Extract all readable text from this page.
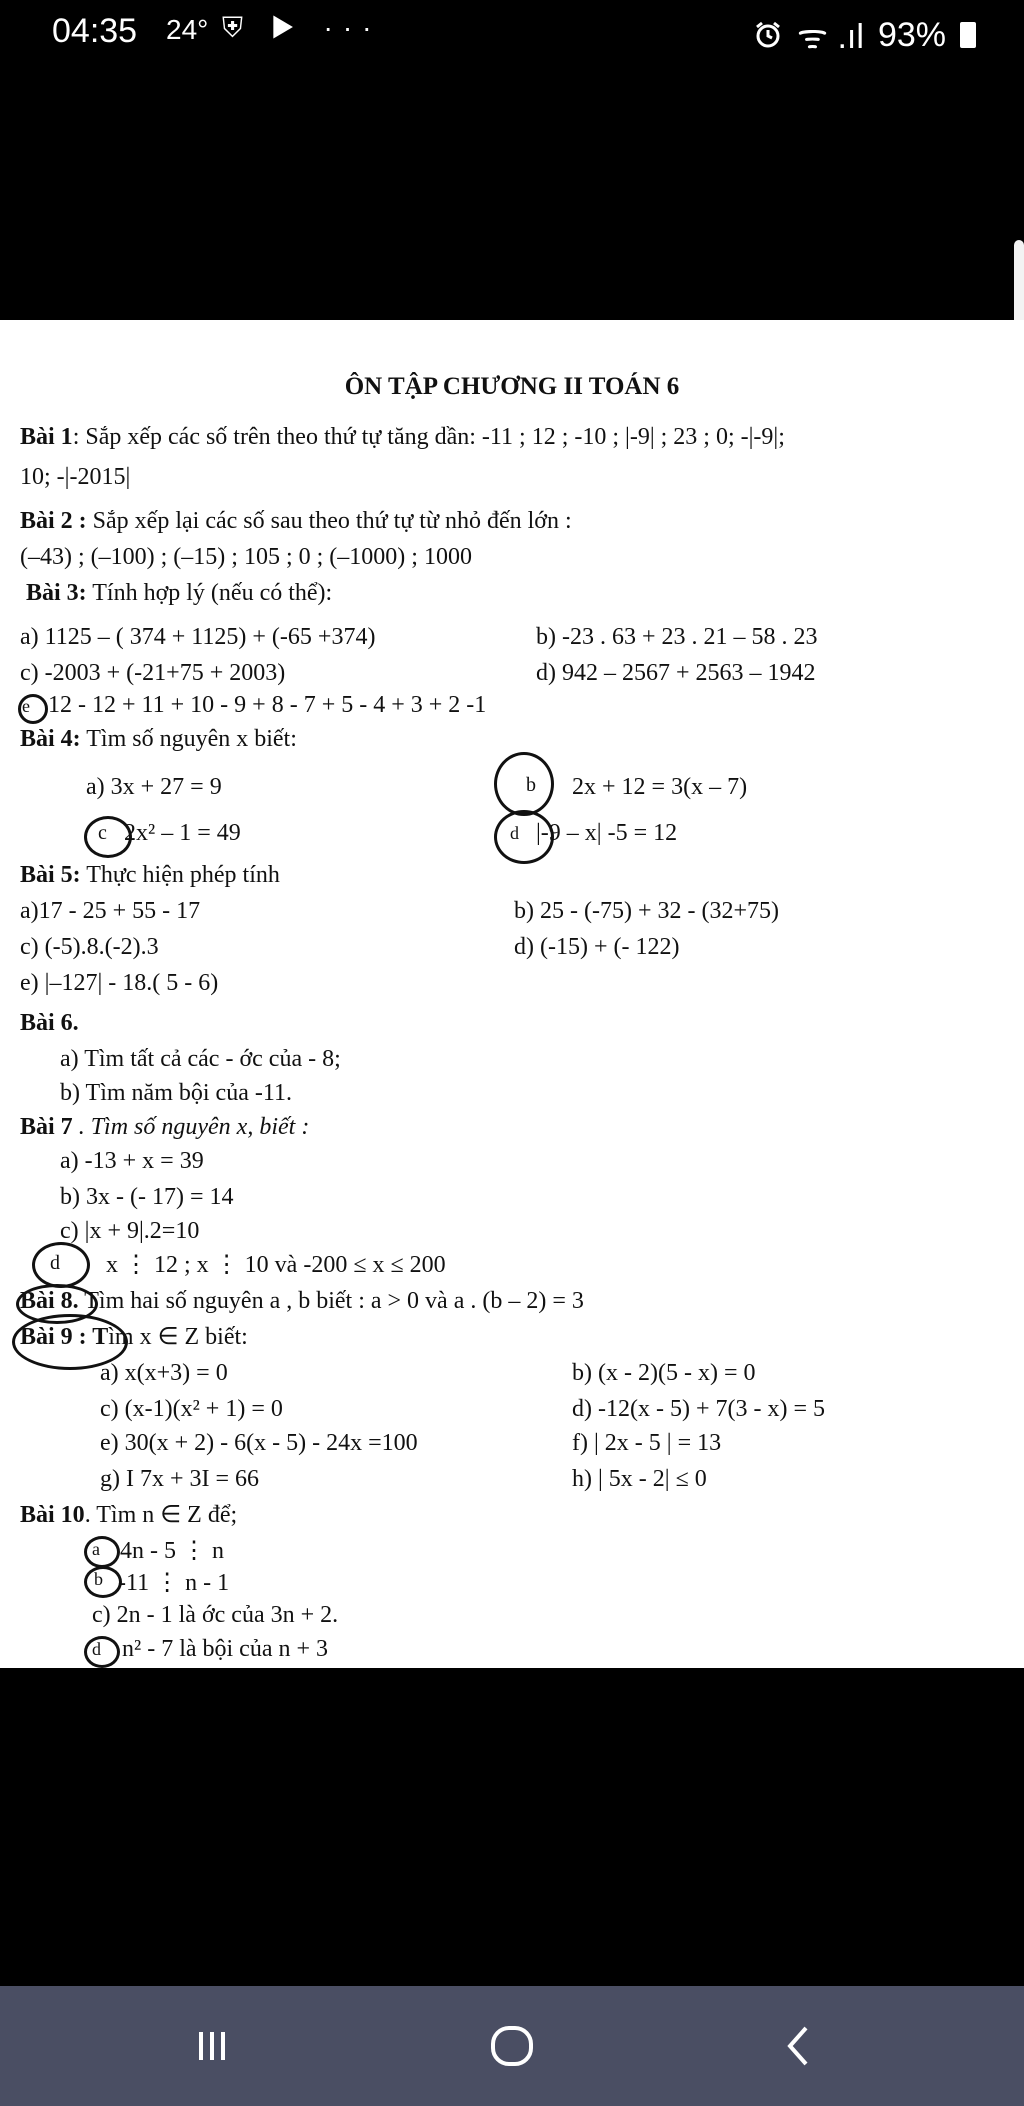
04:35 24° ⛨ ▶ ···	ᯤ .ıl 93%
ÔN TẬP CHƯƠNG II TOÁN 6
Bài 1: Sắp xếp các số trên theo thứ tự tăng dần: -11 ; 12 ; -10 ; |-9| ; 23 ; 0; -|-9|;
10; -|-2015|
Bài 2 : Sắp xếp lại các số sau theo thứ tự từ nhỏ đến lớn :
(–43) ; (–100) ; (–15) ; 105 ; 0 ; (–1000) ; 1000
Bài 3: Tính hợp lý (nếu có thể):
a) 1125 – ( 374 + 1125) + (-65 +374)	b) -23 . 63 + 23 . 21 – 58 . 23
c) -2003 + (-21+75 + 2003)	d) 942 – 2567 + 2563 – 1942
e 12 - 12 + 11 + 10 - 9 + 8 - 7 + 5 - 4 + 3 + 2 -1
Bài 4: Tìm số nguyên x biết:
a) 3x + 27 = 9	b 2x + 12 = 3(x – 7)
c 2x² – 1 = 49	d |-9 – x| -5 = 12
Bài 5: Thực hiện phép tính
a)17 - 25 + 55 - 17	b) 25 - (-75) + 32 - (32+75)
c) (-5).8.(-2).3	d) (-15) + (- 122)
e) |–127| - 18.( 5 - 6)
Bài 6.
a) Tìm tất cả các - ớc của - 8;
b) Tìm năm bội của -11.
Bài 7 . Tìm số nguyên x, biết :
a) -13 + x = 39
b) 3x - (- 17) = 14
c) |x + 9|.2=10
d x ⋮ 12 ; x ⋮ 10 và -200 ≤ x ≤ 200
Bài 8. Tìm hai số nguyên a , b biết : a > 0 và a . (b – 2) = 3
Bài 9 : Tìm x ∈ Z biết:
a) x(x+3) = 0	b) (x - 2)(5 - x) = 0
c) (x-1)(x² + 1) = 0	d) -12(x - 5) + 7(3 - x) = 5
e) 30(x + 2) - 6(x - 5) - 24x =100	f) | 2x - 5 | = 13
g) I 7x + 3I = 66	h) | 5x - 2| ≤ 0
Bài 10. Tìm n ∈ Z để;
a 4n - 5 ⋮ n
b -11 ⋮ n - 1
c) 2n - 1 là ớc của 3n + 2.
d n² - 7 là bội của n + 3
